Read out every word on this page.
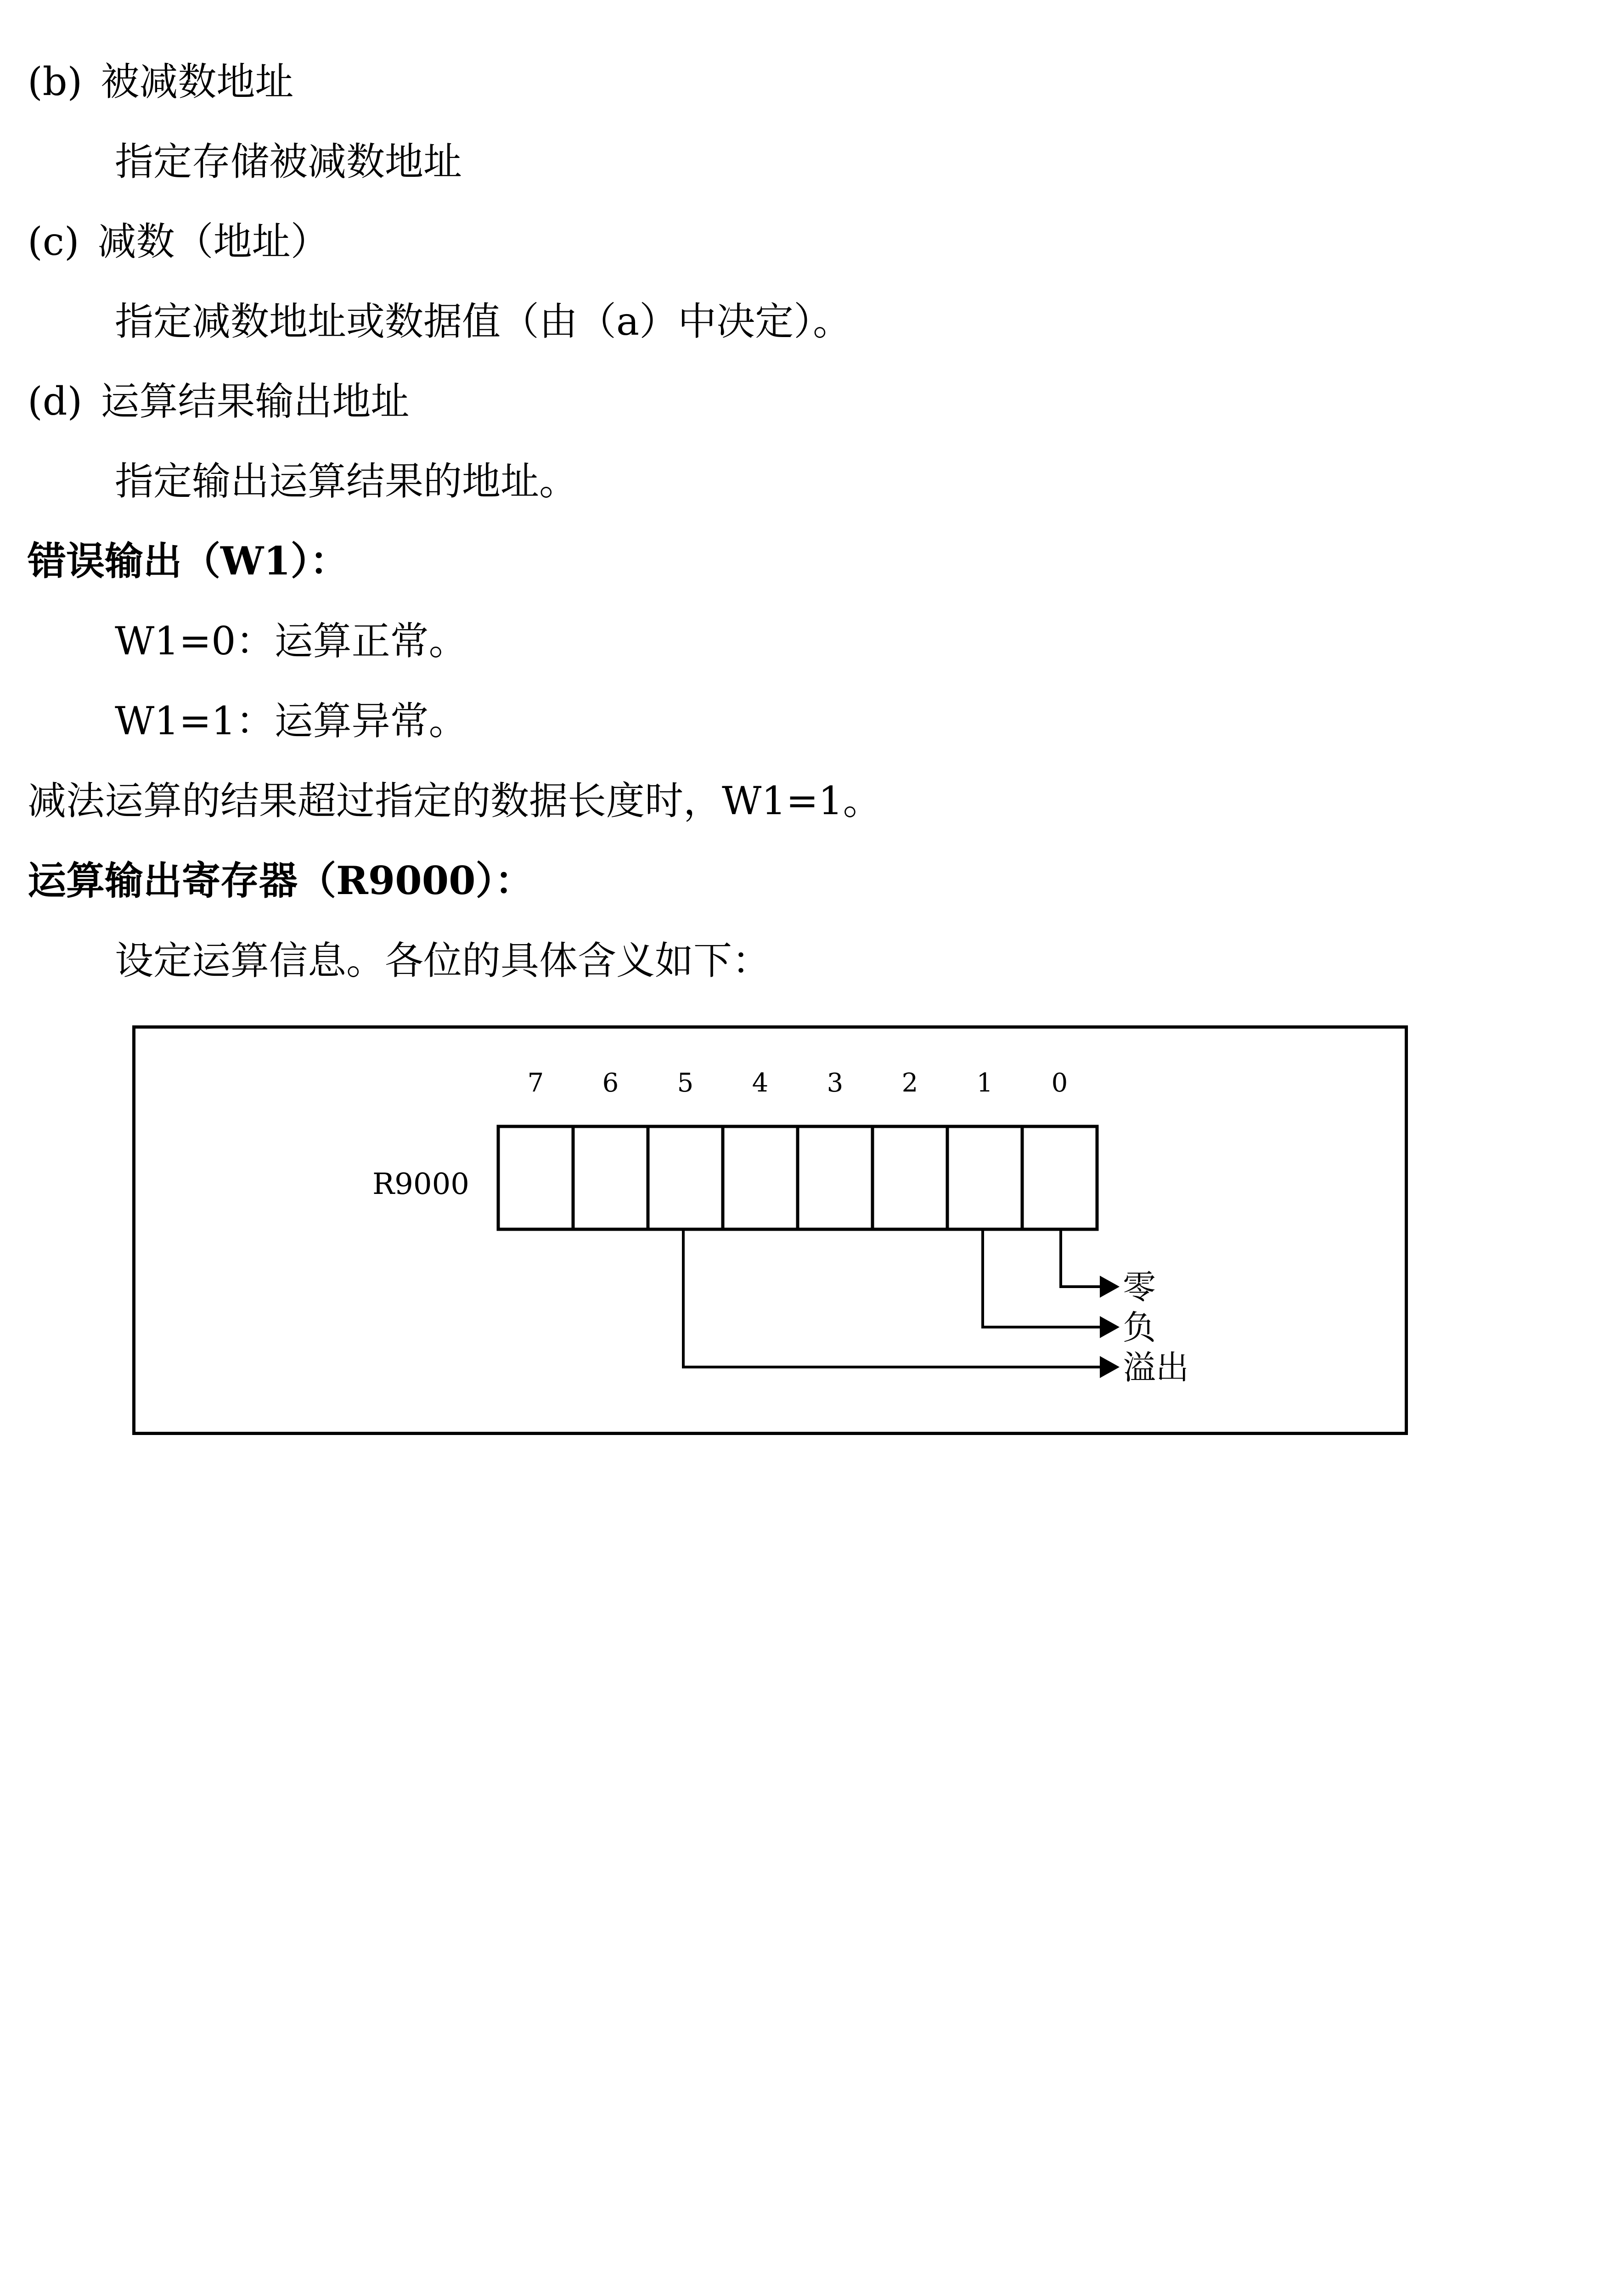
(b) 被减数地址
指定存储被减数地址
(c) 减数（地址）
指定减数地址或数据值（由（a）中决定）。
(d) 运算结果输出地址
指定输出运算结果的地址。
错误输出（W1）：
W1=0：运算正常。
W1=1：运算异常。
减法运算的结果超过指定的数据长度时，W1=1。
运算输出寄存器（R9000）：
设定运算信息。各位的具体含义如下：
7 6 5 4 3 2 1 0
R9000
零
负
溢出
